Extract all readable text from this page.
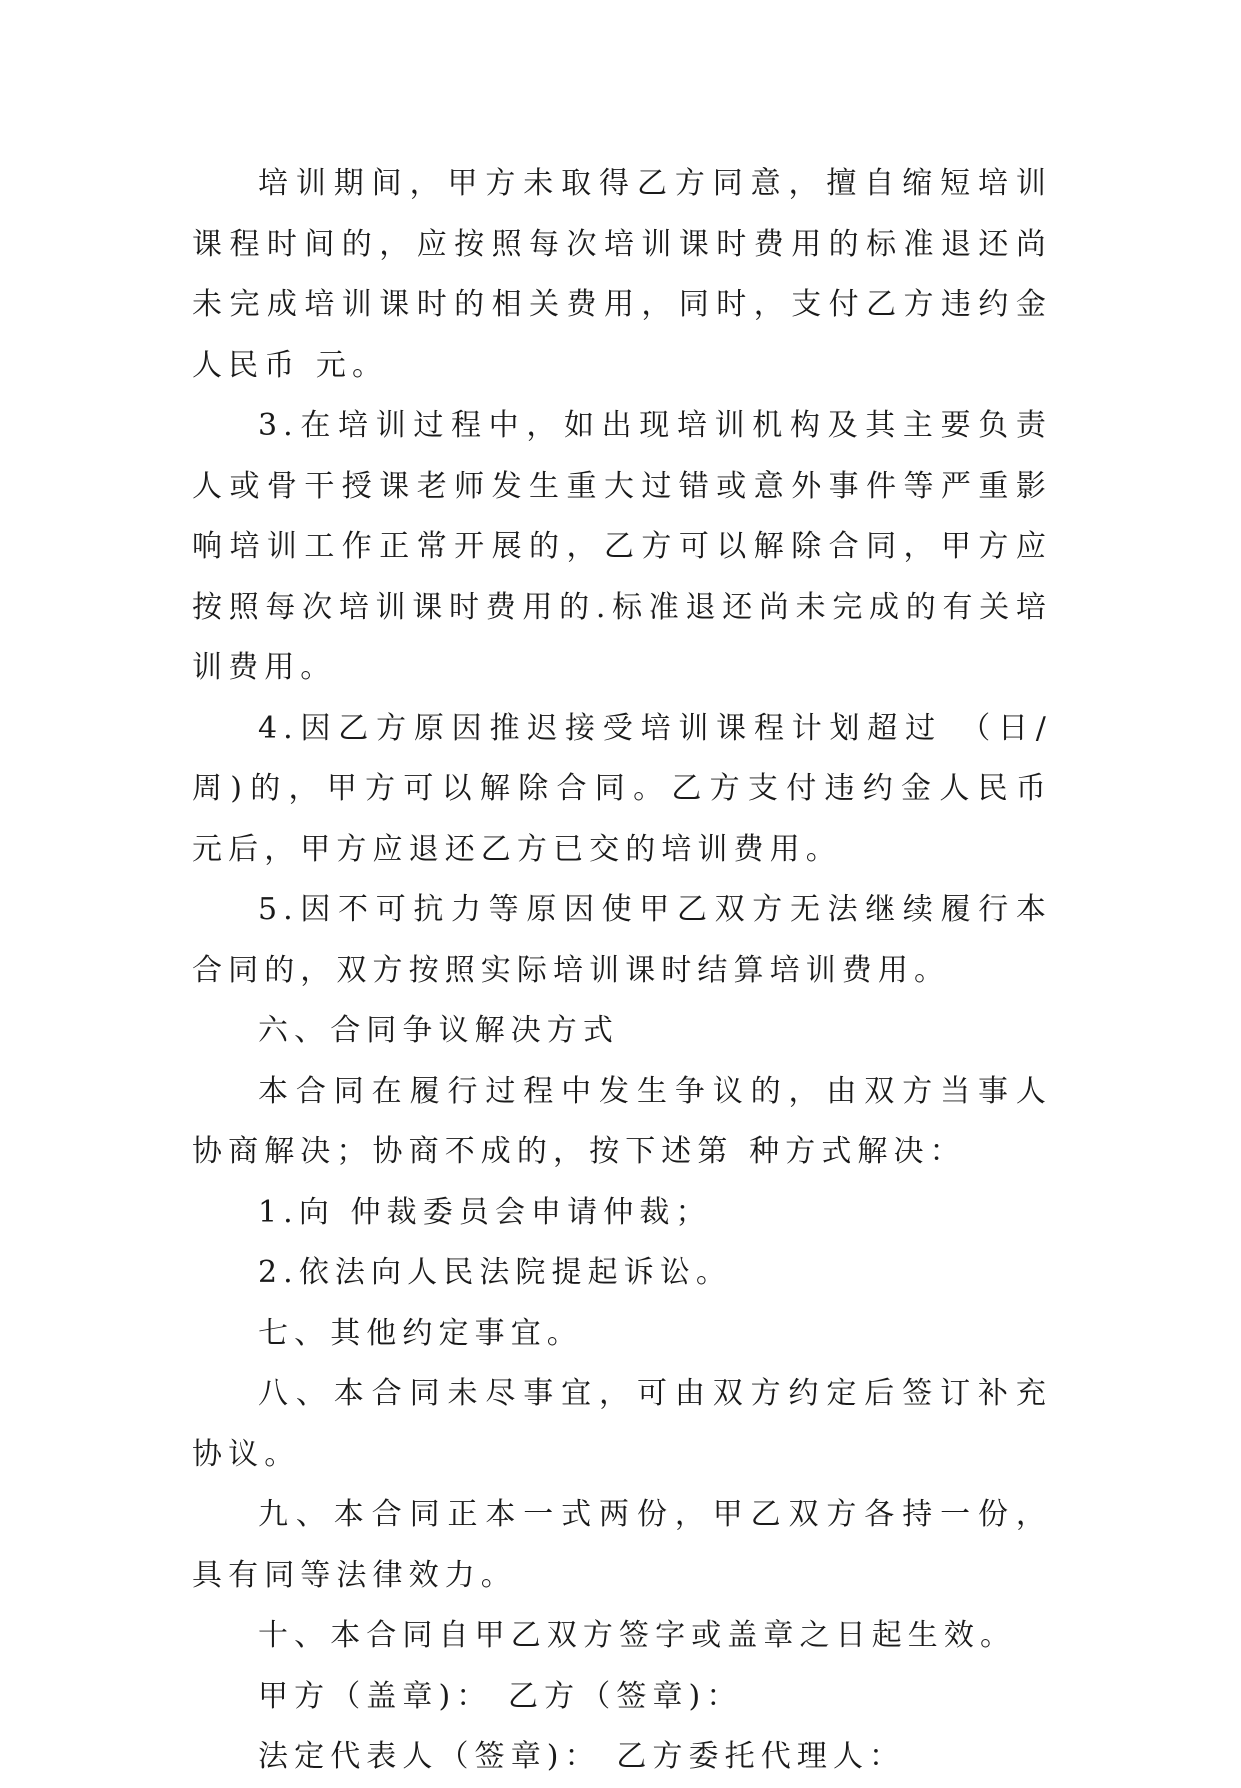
培训期间，甲方未取得乙方同意，擅自缩短培训课程时间的，应按照每次培训课时费用的标准退还尚未完成培训课时的相关费用，同时，支付乙方违约金人民币 元。

3.在培训过程中，如出现培训机构及其主要负责人或骨干授课老师发生重大过错或意外事件等严重影响培训工作正常开展的，乙方可以解除合同，甲方应按照每次培训课时费用的.标准退还尚未完成的有关培训费用。

4.因乙方原因推迟接受培训课程计划超过 （日/周)的，甲方可以解除合同。乙方支付违约金人民币 元后，甲方应退还乙方已交的培训费用。

5.因不可抗力等原因使甲乙双方无法继续履行本合同的，双方按照实际培训课时结算培训费用。

六、合同争议解决方式

本合同在履行过程中发生争议的，由双方当事人协商解决；协商不成的，按下述第 种方式解决：

1.向 仲裁委员会申请仲裁；

2.依法向人民法院提起诉讼。

七、其他约定事宜。

八、本合同未尽事宜，可由双方约定后签订补充协议。

九、本合同正本一式两份，甲乙双方各持一份，具有同等法律效力。

十、本合同自甲乙双方签字或盖章之日起生效。

甲方（盖章)： 乙方（签章)：

法定代表人（签章)： 乙方委托代理人：
